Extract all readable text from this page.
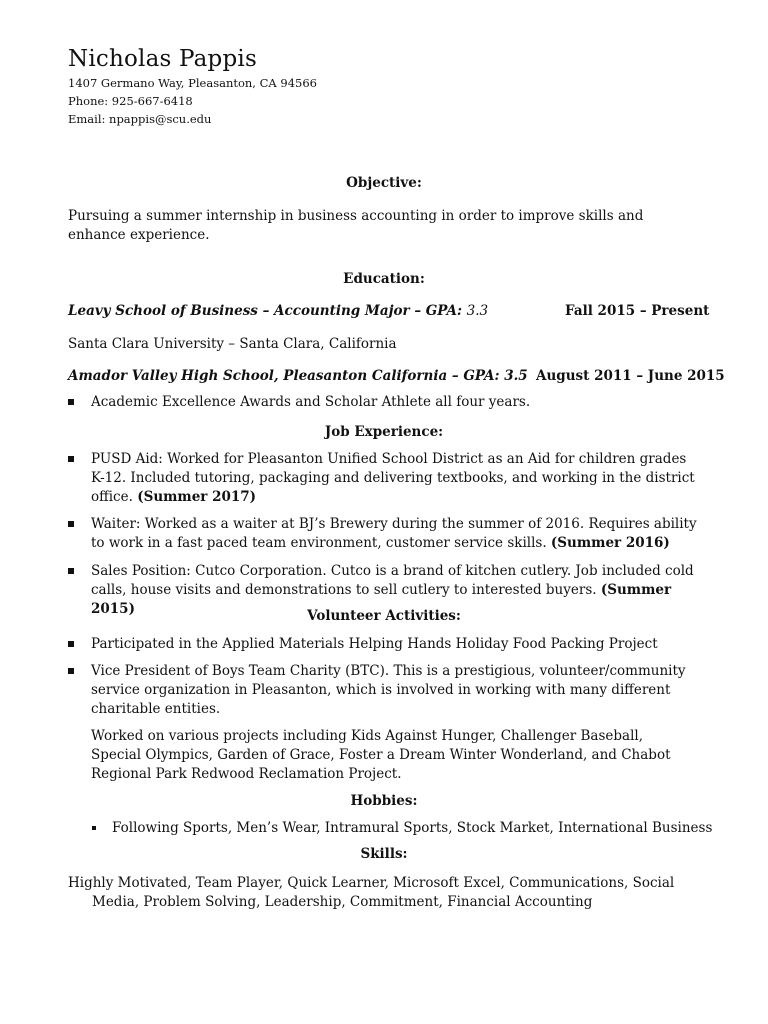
Nicholas Pappis
1407 Germano Way, Pleasanton, CA 94566
Phone: 925-667-6418
Email: npappis@scu.edu
Objective:
Pursuing a summer internship in business accounting in order to improve skills and enhance experience.
Education:
Leavy School of Business – Accounting Major – GPA: 3.3	Fall 2015 – Present
Santa Clara University – Santa Clara, California
Amador Valley High School, Pleasanton California – GPA: 3.5 August 2011 – June 2015
Academic Excellence Awards and Scholar Athlete all four years.
Job Experience:
PUSD Aid: Worked for Pleasanton Unified School District as an Aid for children grades K-12. Included tutoring, packaging and delivering textbooks, and working in the district office. (Summer 2017)
Waiter: Worked as a waiter at BJ’s Brewery during the summer of 2016. Requires ability to work in a fast paced team environment, customer service skills. (Summer 2016)
Sales Position: Cutco Corporation. Cutco is a brand of kitchen cutlery. Job included cold calls, house visits and demonstrations to sell cutlery to interested buyers. (Summer 2015)	Volunteer Activities:
Participated in the Applied Materials Helping Hands Holiday Food Packing Project
Vice President of Boys Team Charity (BTC). This is a prestigious, volunteer/community service organization in Pleasanton, which is involved in working with many different charitable entities.
Worked on various projects including Kids Against Hunger, Challenger Baseball, Special Olympics, Garden of Grace, Foster a Dream Winter Wonderland, and Chabot Regional Park Redwood Reclamation Project.
Hobbies:
Following Sports, Men’s Wear, Intramural Sports, Stock Market, International Business
Skills:
Highly Motivated, Team Player, Quick Learner, Microsoft Excel, Communications, Social Media, Problem Solving, Leadership, Commitment, Financial Accounting
